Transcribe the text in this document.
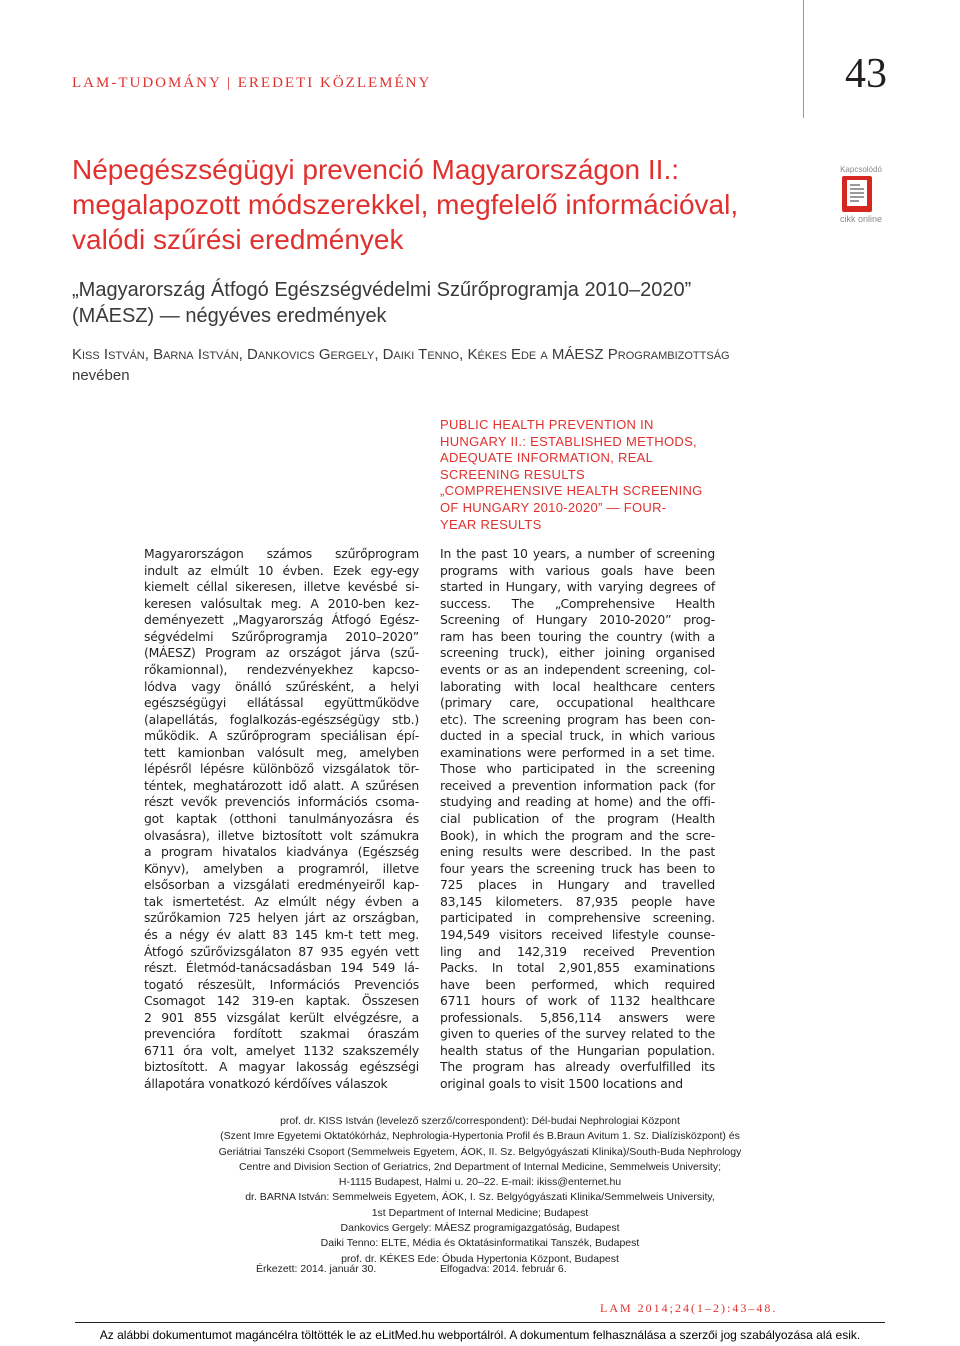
LAM-TUDOMÁNY | EREDETI KÖZLEMÉNY	43
Kapcsolódó
cikk online
Népegészségügyi prevenció Magyarországon II.:
megalapozott módszerekkel, megfelelő információval,
valódi szűrési eredmények
„Magyarország Átfogó Egészségvédelmi Szűrőprogramja 2010–2020”
(MÁESZ) — négyéves eredmények
Kiss István, Barna István, Dankovics Gergely, Daiki Tenno, Kékes Ede a MÁESZ Programbizottság
nevében
PUBLIC HEALTH PREVENTION IN
HUNGARY II.: ESTABLISHED METHODS,
ADEQUATE INFORMATION, REAL
SCREENING RESULTS
„COMPREHENSIVE HEALTH SCREENING
OF HUNGARY 2010-2020” — FOUR-
YEAR RESULTS
Magyarországon számos szűrőprogram
indult az elmúlt 10 évben. Ezek egy-egy
kiemelt céllal sikeresen, illetve kevésbé si-
keresen valósultak meg. A 2010-ben kez-
deményezett „Magyarország Átfogó Egész-
ségvédelmi Szűrőprogramja 2010–2020”
(MÁESZ) Program az országot járva (szű-
rőkamionnal), rendezvényekhez kapcso-
lódva vagy önálló szűrésként, a helyi
egészségügyi ellátással együttműködve
(alapellátás, foglalkozás-egészségügy stb.)
működik. A szűrőprogram speciálisan épí-
tett kamionban valósult meg, amelyben
lépésről lépésre különböző vizsgálatok tör-
téntek, meghatározott idő alatt. A szűrésen
részt vevők prevenciós információs csoma-
got kaptak (otthoni tanulmányozásra és
olvasásra), illetve biztosított volt számukra
a program hivatalos kiadványa (Egészség
Könyv), amelyben a programról, illetve
elsősorban a vizsgálati eredményeiről kap-
tak ismertetést. Az elmúlt négy évben a
szűrőkamion 725 helyen járt az országban,
és a négy év alatt 83 145 km-t tett meg.
Átfogó szűrővizsgálaton 87 935 egyén vett
részt. Életmód-tanácsadásban 194 549 lá-
togató részesült, Információs Prevenciós
Csomagot 142 319-en kaptak. Összesen
2 901 855 vizsgálat került elvégzésre, a
prevencióra fordított szakmai óraszám
6711 óra volt, amelyet 1132 szakszemély
biztosított. A magyar lakosság egészségi
állapotára vonatkozó kérdőíves válaszok
In the past 10 years, a number of screening
programs with various goals have been
started in Hungary, with varying degrees of
success. The „Comprehensive Health
Screening of Hungary 2010-2020” prog-
ram has been touring the country (with a
screening truck), either joining organised
events or as an independent screening, col-
laborating with local healthcare centers
(primary care, occupational healthcare
etc). The screening program has been con-
ducted in a special truck, in which various
examinations were performed in a set time.
Those who participated in the screening
received a prevention information pack (for
studying and reading at home) and the offi-
cial publication of the program (Health
Book), in which the program and the scre-
ening results were described. In the past
four years the screening truck has been to
725 places in Hungary and travelled
83,145 kilometers. 87,935 people have
participated in comprehensive screening.
194,549 visitors received lifestyle counse-
ling and 142,319 received Prevention
Packs. In total 2,901,855 examinations
have been performed, which required
6711 hours of work of 1132 healthcare
professionals. 5,856,114 answers were
given to queries of the survey related to the
health status of the Hungarian population.
The program has already overfulfilled its
original goals to visit 1500 locations and
prof. dr. KISS István (levelező szerző/correspondent): Dél-budai Nephrologiai Központ
(Szent Imre Egyetemi Oktatókórház, Nephrologia-Hypertonia Profil és B.Braun Avitum 1. Sz. Dialízisközpont) és
Geriátriai Tanszéki Csoport (Semmelweis Egyetem, ÁOK, II. Sz. Belgyógyászati Klinika)/South-Buda Nephrology
Centre and Division Section of Geriatrics, 2nd Department of Internal Medicine, Semmelweis University;
H-1115 Budapest, Halmi u. 20–22. E-mail: ikiss@enternet.hu
dr. BARNA István: Semmelweis Egyetem, ÁOK, I. Sz. Belgyógyászati Klinika/Semmelweis University,
1st Department of Internal Medicine; Budapest
Dankovics Gergely: MÁESZ programigazgatóság, Budapest
Daiki Tenno: ELTE, Média és Oktatásinformatikai Tanszék, Budapest
prof. dr. KÉKES Ede: Óbuda Hypertonia Központ, Budapest
Érkezett: 2014. január 30.	Elfogadva: 2014. február 6.
LAM 2014;24(1–2):43–48.
Az alábbi dokumentumot magáncélra töltötték le az eLitMed.hu webportálról. A dokumentum felhasználása a szerzői jog szabályozása alá esik.
